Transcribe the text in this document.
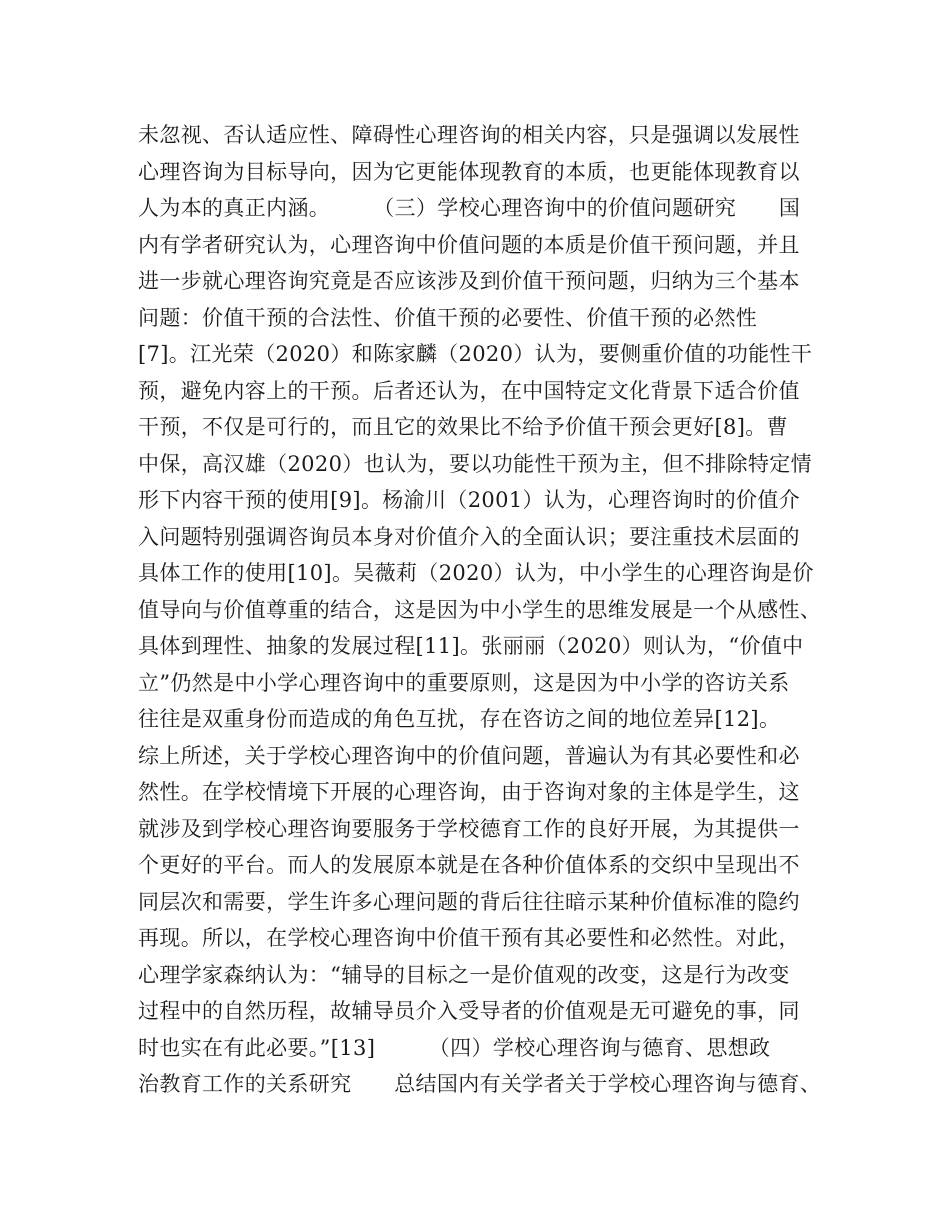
未忽视、否认适应性、障碍性心理咨询的相关内容，只是强调以发展性
心理咨询为目标导向，因为它更能体现教育的本质，也更能体现教育以
人为本的真正内涵。　　　（三）学校心理咨询中的价值问题研究　　国
内有学者研究认为，心理咨询中价值问题的本质是价值干预问题，并且
进一步就心理咨询究竟是否应该涉及到价值干预问题，归纳为三个基本
问题：价值干预的合法性、价值干预的必要性、价值干预的必然性
[7]。江光荣（2020）和陈家麟（2020）认为，要侧重价值的功能性干
预，避免内容上的干预。后者还认为，在中国特定文化背景下适合价值
干预，不仅是可行的，而且它的效果比不给予价值干预会更好[8]。曹
中保，高汉雄（2020）也认为，要以功能性干预为主，但不排除特定情
形下内容干预的使用[9]。杨渝川（2001）认为，心理咨询时的价值介
入问题特别强调咨询员本身对价值介入的全面认识；要注重技术层面的
具体工作的使用[10]。吴薇莉（2020）认为，中小学生的心理咨询是价
值导向与价值尊重的结合，这是因为中小学生的思维发展是一个从感性、
具体到理性、抽象的发展过程[11]。张丽丽（2020）则认为，“价值中
立”仍然是中小学心理咨询中的重要原则，这是因为中小学的咨访关系
往往是双重身份而造成的角色互扰，存在咨访之间的地位差异[12]。
综上所述，关于学校心理咨询中的价值问题，普遍认为有其必要性和必
然性。在学校情境下开展的心理咨询，由于咨询对象的主体是学生，这
就涉及到学校心理咨询要服务于学校德育工作的良好开展，为其提供一
个更好的平台。而人的发展原本就是在各种价值体系的交织中呈现出不
同层次和需要，学生许多心理问题的背后往往暗示某种价值标准的隐约
再现。所以，在学校心理咨询中价值干预有其必要性和必然性。对此，
心理学家森纳认为：“辅导的目标之一是价值观的改变，这是行为改变
过程中的自然历程，故辅导员介入受导者的价值观是无可避免的事，同
时也实在有此必要。”[13]　　　（四）学校心理咨询与德育、思想政
治教育工作的关系研究　　总结国内有关学者关于学校心理咨询与德育、
